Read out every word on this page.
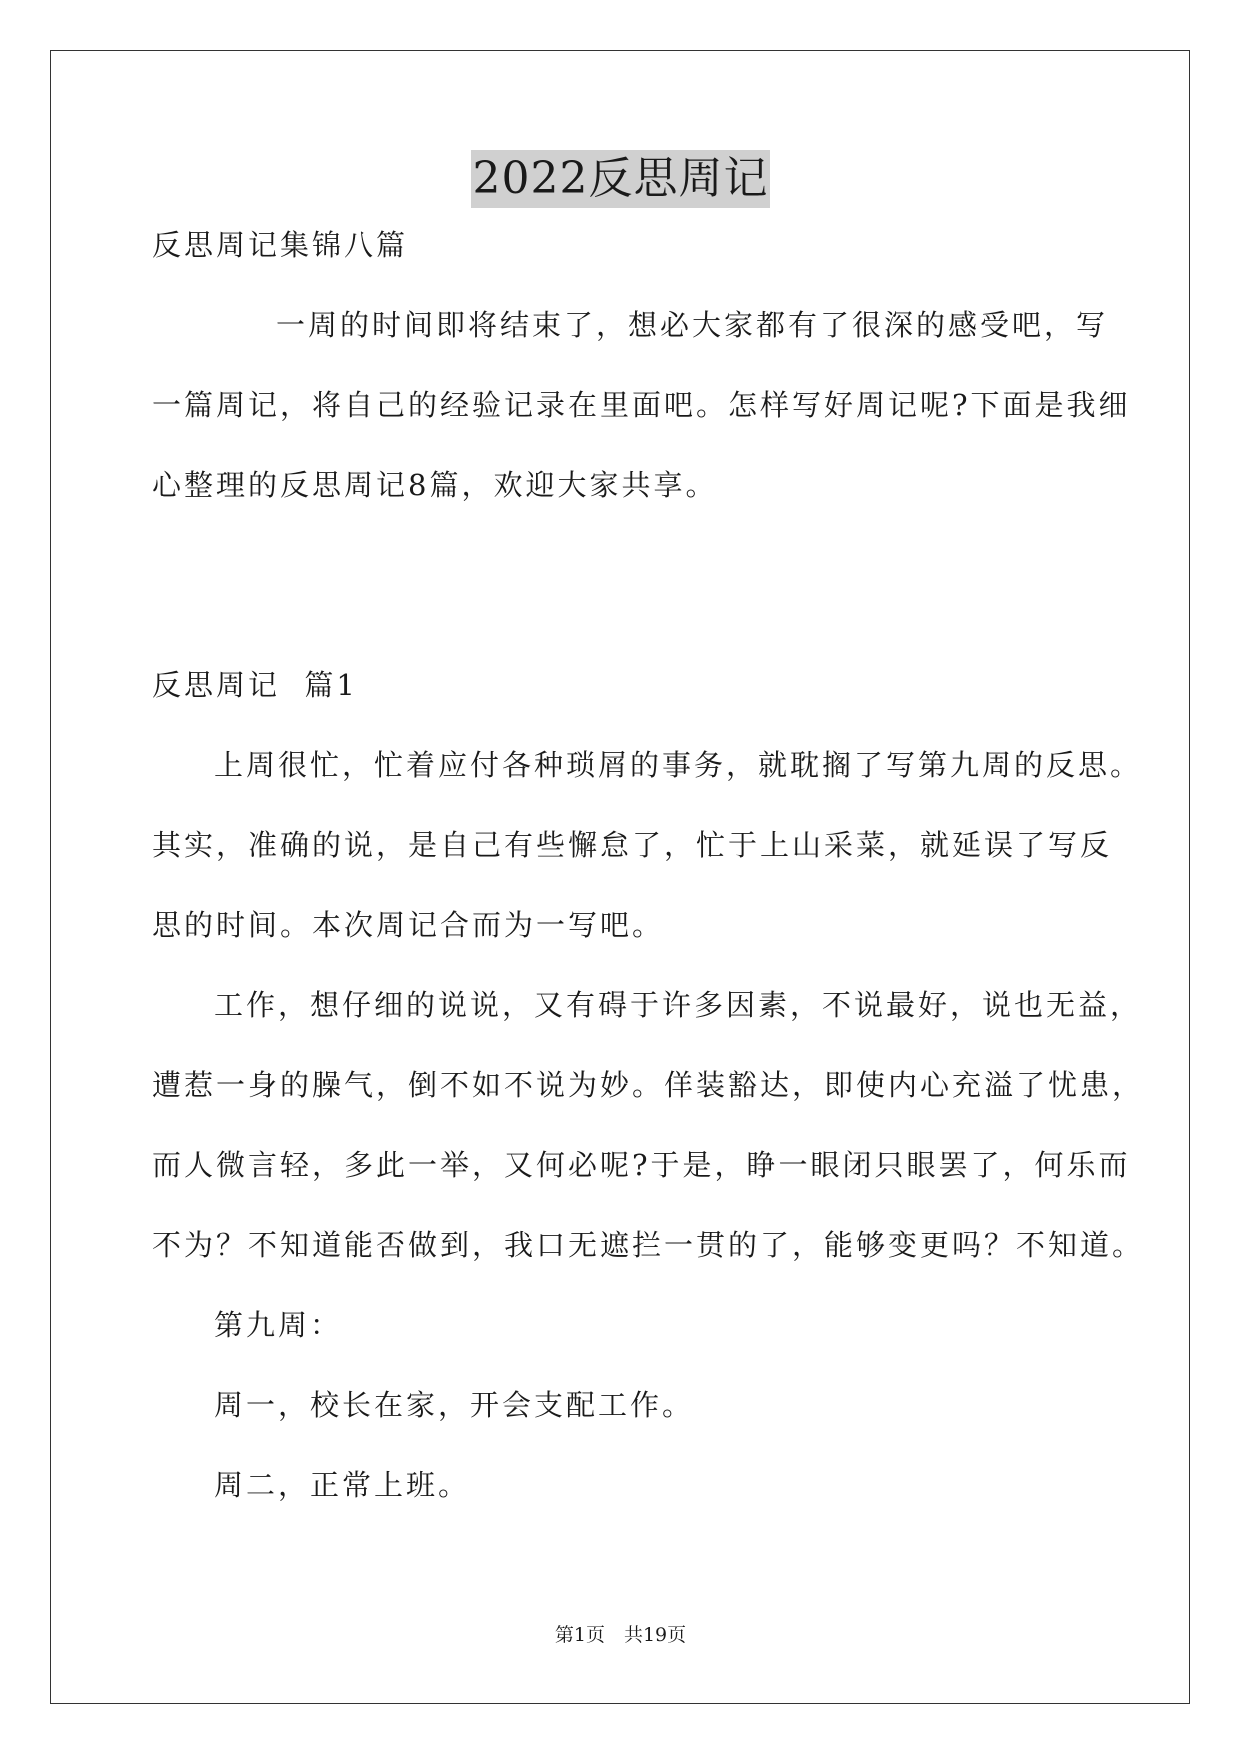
2022反思周记
反思周记集锦八篇
一周的时间即将结束了，想必大家都有了很深的感受吧，写
一篇周记，将自己的经验记录在里面吧。怎样写好周记呢?下面是我细
心整理的反思周记8篇，欢迎大家共享。
反思周记  篇1
上周很忙，忙着应付各种琐屑的事务，就耽搁了写第九周的反思。
其实，准确的说，是自己有些懈怠了，忙于上山采菜，就延误了写反
思的时间。本次周记合而为一写吧。
工作，想仔细的说说，又有碍于许多因素，不说最好，说也无益，
遭惹一身的臊气，倒不如不说为妙。佯装豁达，即使内心充溢了忧患，
而人微言轻，多此一举，又何必呢?于是，睁一眼闭只眼罢了，何乐而
不为？不知道能否做到，我口无遮拦一贯的了，能够变更吗？不知道。
第九周：
周一，校长在家，开会支配工作。
周二，正常上班。
第1页　共19页
